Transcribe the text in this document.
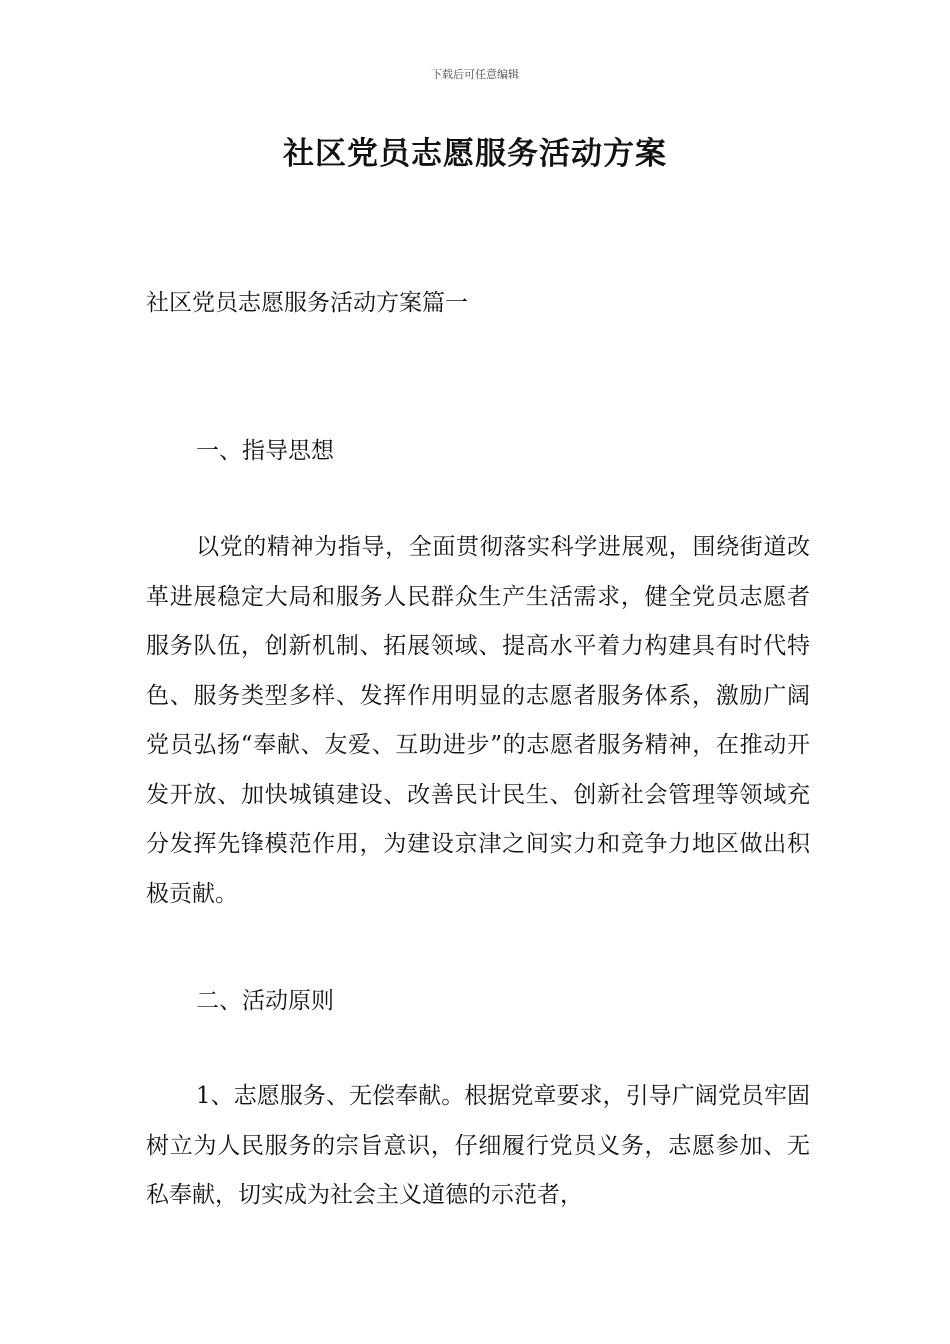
下载后可任意编辑
社区党员志愿服务活动方案
社区党员志愿服务活动方案篇一
一、指导思想
以党的精神为指导，全面贯彻落实科学进展观，围绕街道改革进展稳定大局和服务人民群众生产生活需求，健全党员志愿者服务队伍，创新机制、拓展领域、提高水平着力构建具有时代特色、服务类型多样、发挥作用明显的志愿者服务体系，激励广阔党员弘扬“奉献、友爱、互助进步”的志愿者服务精神，在推动开发开放、加快城镇建设、改善民计民生、创新社会管理等领域充分发挥先锋模范作用，为建设京津之间实力和竞争力地区做出积极贡献。
二、活动原则
1、志愿服务、无偿奉献。根据党章要求，引导广阔党员牢固树立为人民服务的宗旨意识，仔细履行党员义务，志愿参加、无私奉献，切实成为社会主义道德的示范者，
